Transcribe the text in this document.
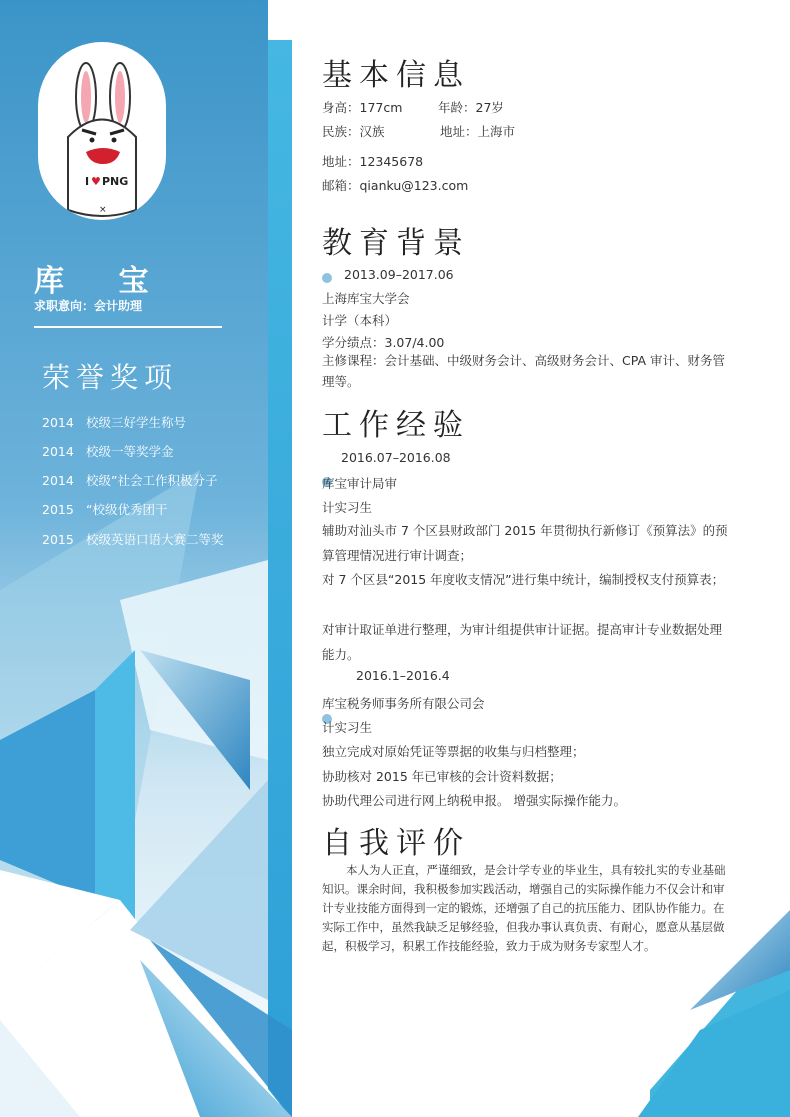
I ♥ PNG
×
库 宝
求职意向：会计助理
荣誉奖项
2014 校级三好学生称号
2014 校级一等奖学金
2014 校级”社会工作积极分子
2015 “校级优秀团干
2015 校级英语口语大赛二等奖
基本信息
身高：177cm	年龄：27岁
民族：汉族	地址：上海市
地址：12345678
邮箱：qianku@123.com
教育背景
2013.09–2017.06
上海库宝大学会
计学（本科）
学分绩点：3.07/4.00
主修课程：会计基础、中级财务会计、高级财务会计、CPA 审计、财务管理等。
工作经验
2016.07–2016.08
库宝审计局审
计实习生
辅助对汕头市 7 个区县财政部门 2015 年贯彻执行新修订《预算法》的预算管理情况进行审计调查；
对 7 个区县“2015 年度收支情况”进行集中统计，编制授权支付预算表；
对审计取证单进行整理，为审计组提供审计证据。提高审计专业数据处理能力。
2016.1–2016.4
库宝税务师事务所有限公司会
计实习生
独立完成对原始凭证等票据的收集与归档整理；
协助核对 2015 年已审核的会计资料数据；
协助代理公司进行网上纳税申报。 增强实际操作能力。
自我评价
本人为人正直，严谨细致，是会计学专业的毕业生，具有较扎实的专业基础知识。课余时间，我积极参加实践活动，增强自己的实际操作能力不仅会计和审计专业技能方面得到一定的锻炼，还增强了自己的抗压能力、团队协作能力。在实际工作中，虽然我缺乏足够经验，但我办事认真负责、有耐心，愿意从基层做起，积极学习，积累工作技能经验，致力于成为财务专家型人才。
